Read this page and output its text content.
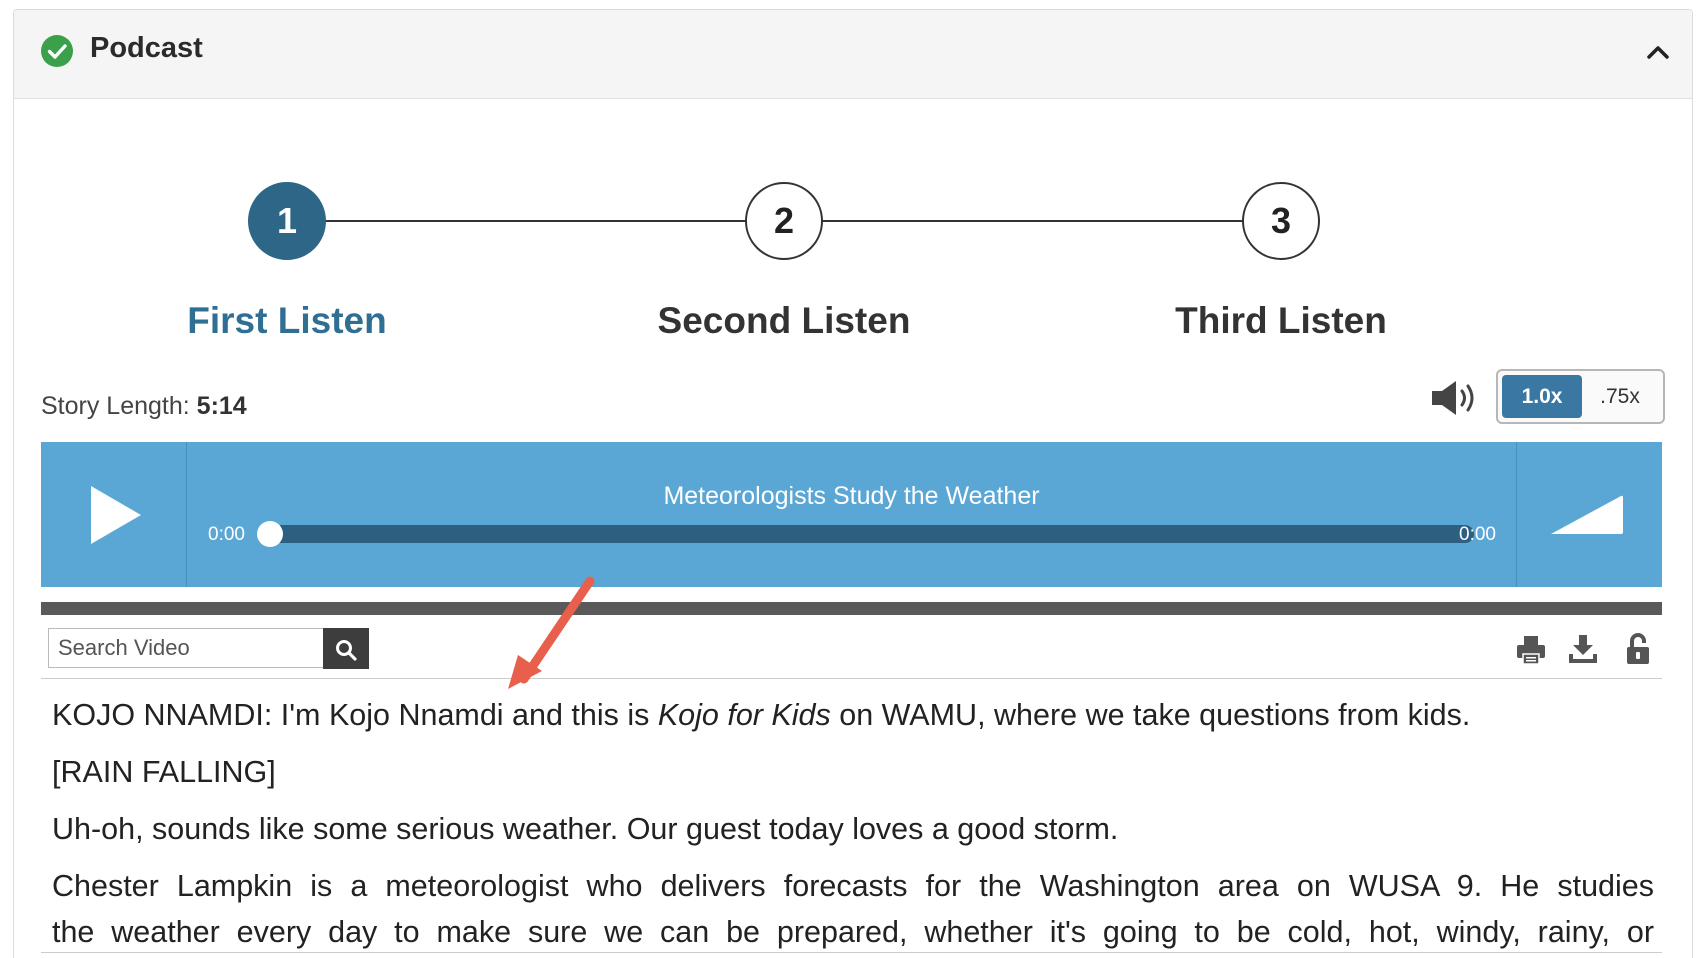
Podcast
1	2	3
First Listen	Second Listen	Third Listen
Story Length: 5:14	1.0x	.75x
Meteorologists Study the Weather
0:00	0:00
Search Video

KOJO NNAMDI: I'm Kojo Nnamdi and this is Kojo for Kids on WAMU, where we take questions from kids.

[RAIN FALLING]

Uh-oh, sounds like some serious weather. Our guest today loves a good storm.

Chester Lampkin is a meteorologist who delivers forecasts for the Washington area on WUSA 9. He studies

the weather every day to make sure we can be prepared, whether it's going to be cold, hot, windy, rainy, or
